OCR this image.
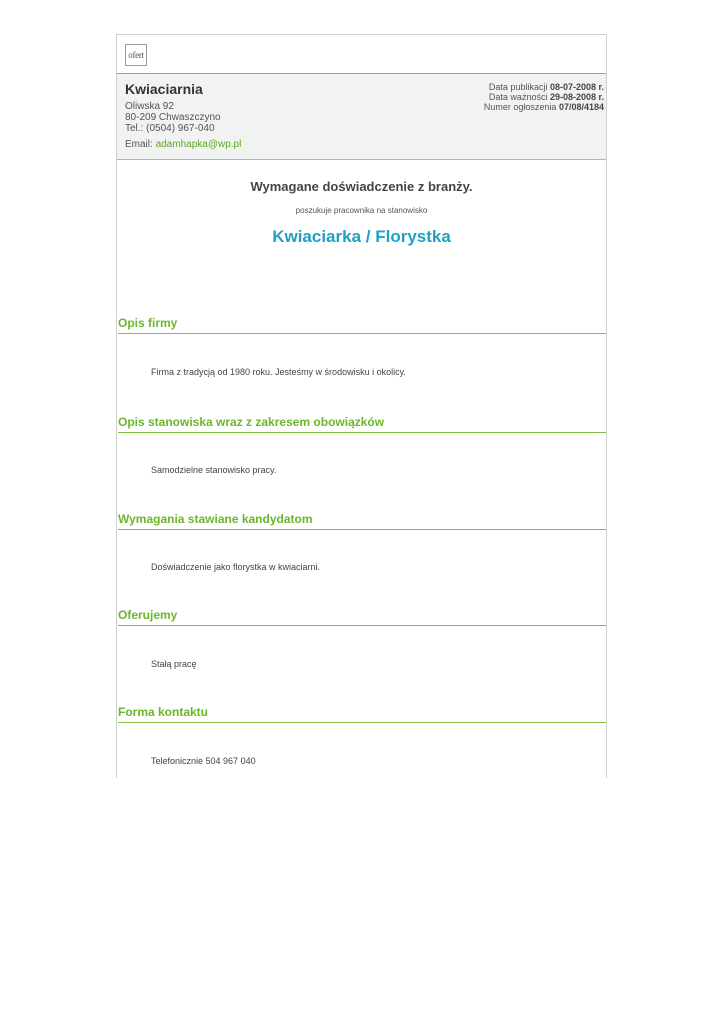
ofert
Kwiaciarnia
Oliwska 92
80-209 Chwaszczyno
Tel.: (0504) 967-040
Email: adamhapka@wp.pl
Data publikacji 08-07-2008 r.
Data ważności 29-08-2008 r.
Numer ogłoszenia 07/08/4184
Wymagane doświadczenie z branży.
poszukuje pracownika na stanowisko
Kwiaciarka / Florystka
Opis firmy
Firma z tradycją od 1980 roku. Jesteśmy w środowisku i okolicy.
Opis stanowiska wraz z zakresem obowiązków
Samodzielne stanowisko pracy.
Wymagania stawiane kandydatom
Doświadczenie jako florystka w kwiaciarni.
Oferujemy
Stałą pracę
Forma kontaktu
Telefonicznie 504 967 040
